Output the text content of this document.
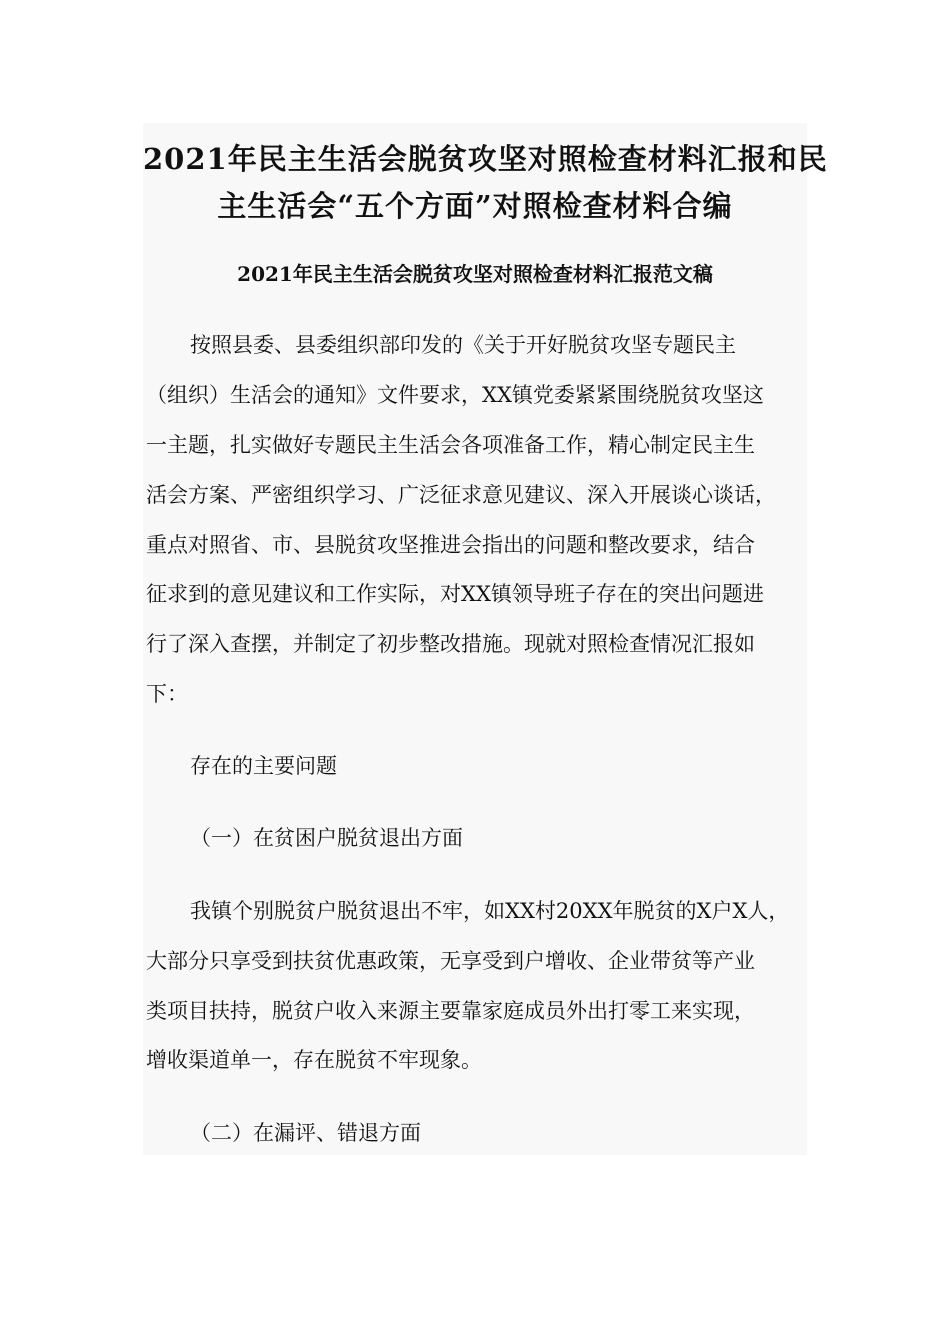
2021年民主生活会脱贫攻坚对照检查材料汇报和民
主生活会“五个方面”对照检查材料合编
2021年民主生活会脱贫攻坚对照检查材料汇报范文稿
按照县委、县委组织部印发的《关于开好脱贫攻坚专题民主
（组织）生活会的通知》文件要求，XX镇党委紧紧围绕脱贫攻坚这
一主题，扎实做好专题民主生活会各项准备工作，精心制定民主生
活会方案、严密组织学习、广泛征求意见建议、深入开展谈心谈话，
重点对照省、市、县脱贫攻坚推进会指出的问题和整改要求，结合
征求到的意见建议和工作实际，对XX镇领导班子存在的突出问题进
行了深入查摆，并制定了初步整改措施。现就对照检查情况汇报如
下：
存在的主要问题
（一）在贫困户脱贫退出方面
我镇个别脱贫户脱贫退出不牢，如XX村20XX年脱贫的X户X人，
大部分只享受到扶贫优惠政策，无享受到户增收、企业带贫等产业
类项目扶持，脱贫户收入来源主要靠家庭成员外出打零工来实现，
增收渠道单一，存在脱贫不牢现象。
（二）在漏评、错退方面
